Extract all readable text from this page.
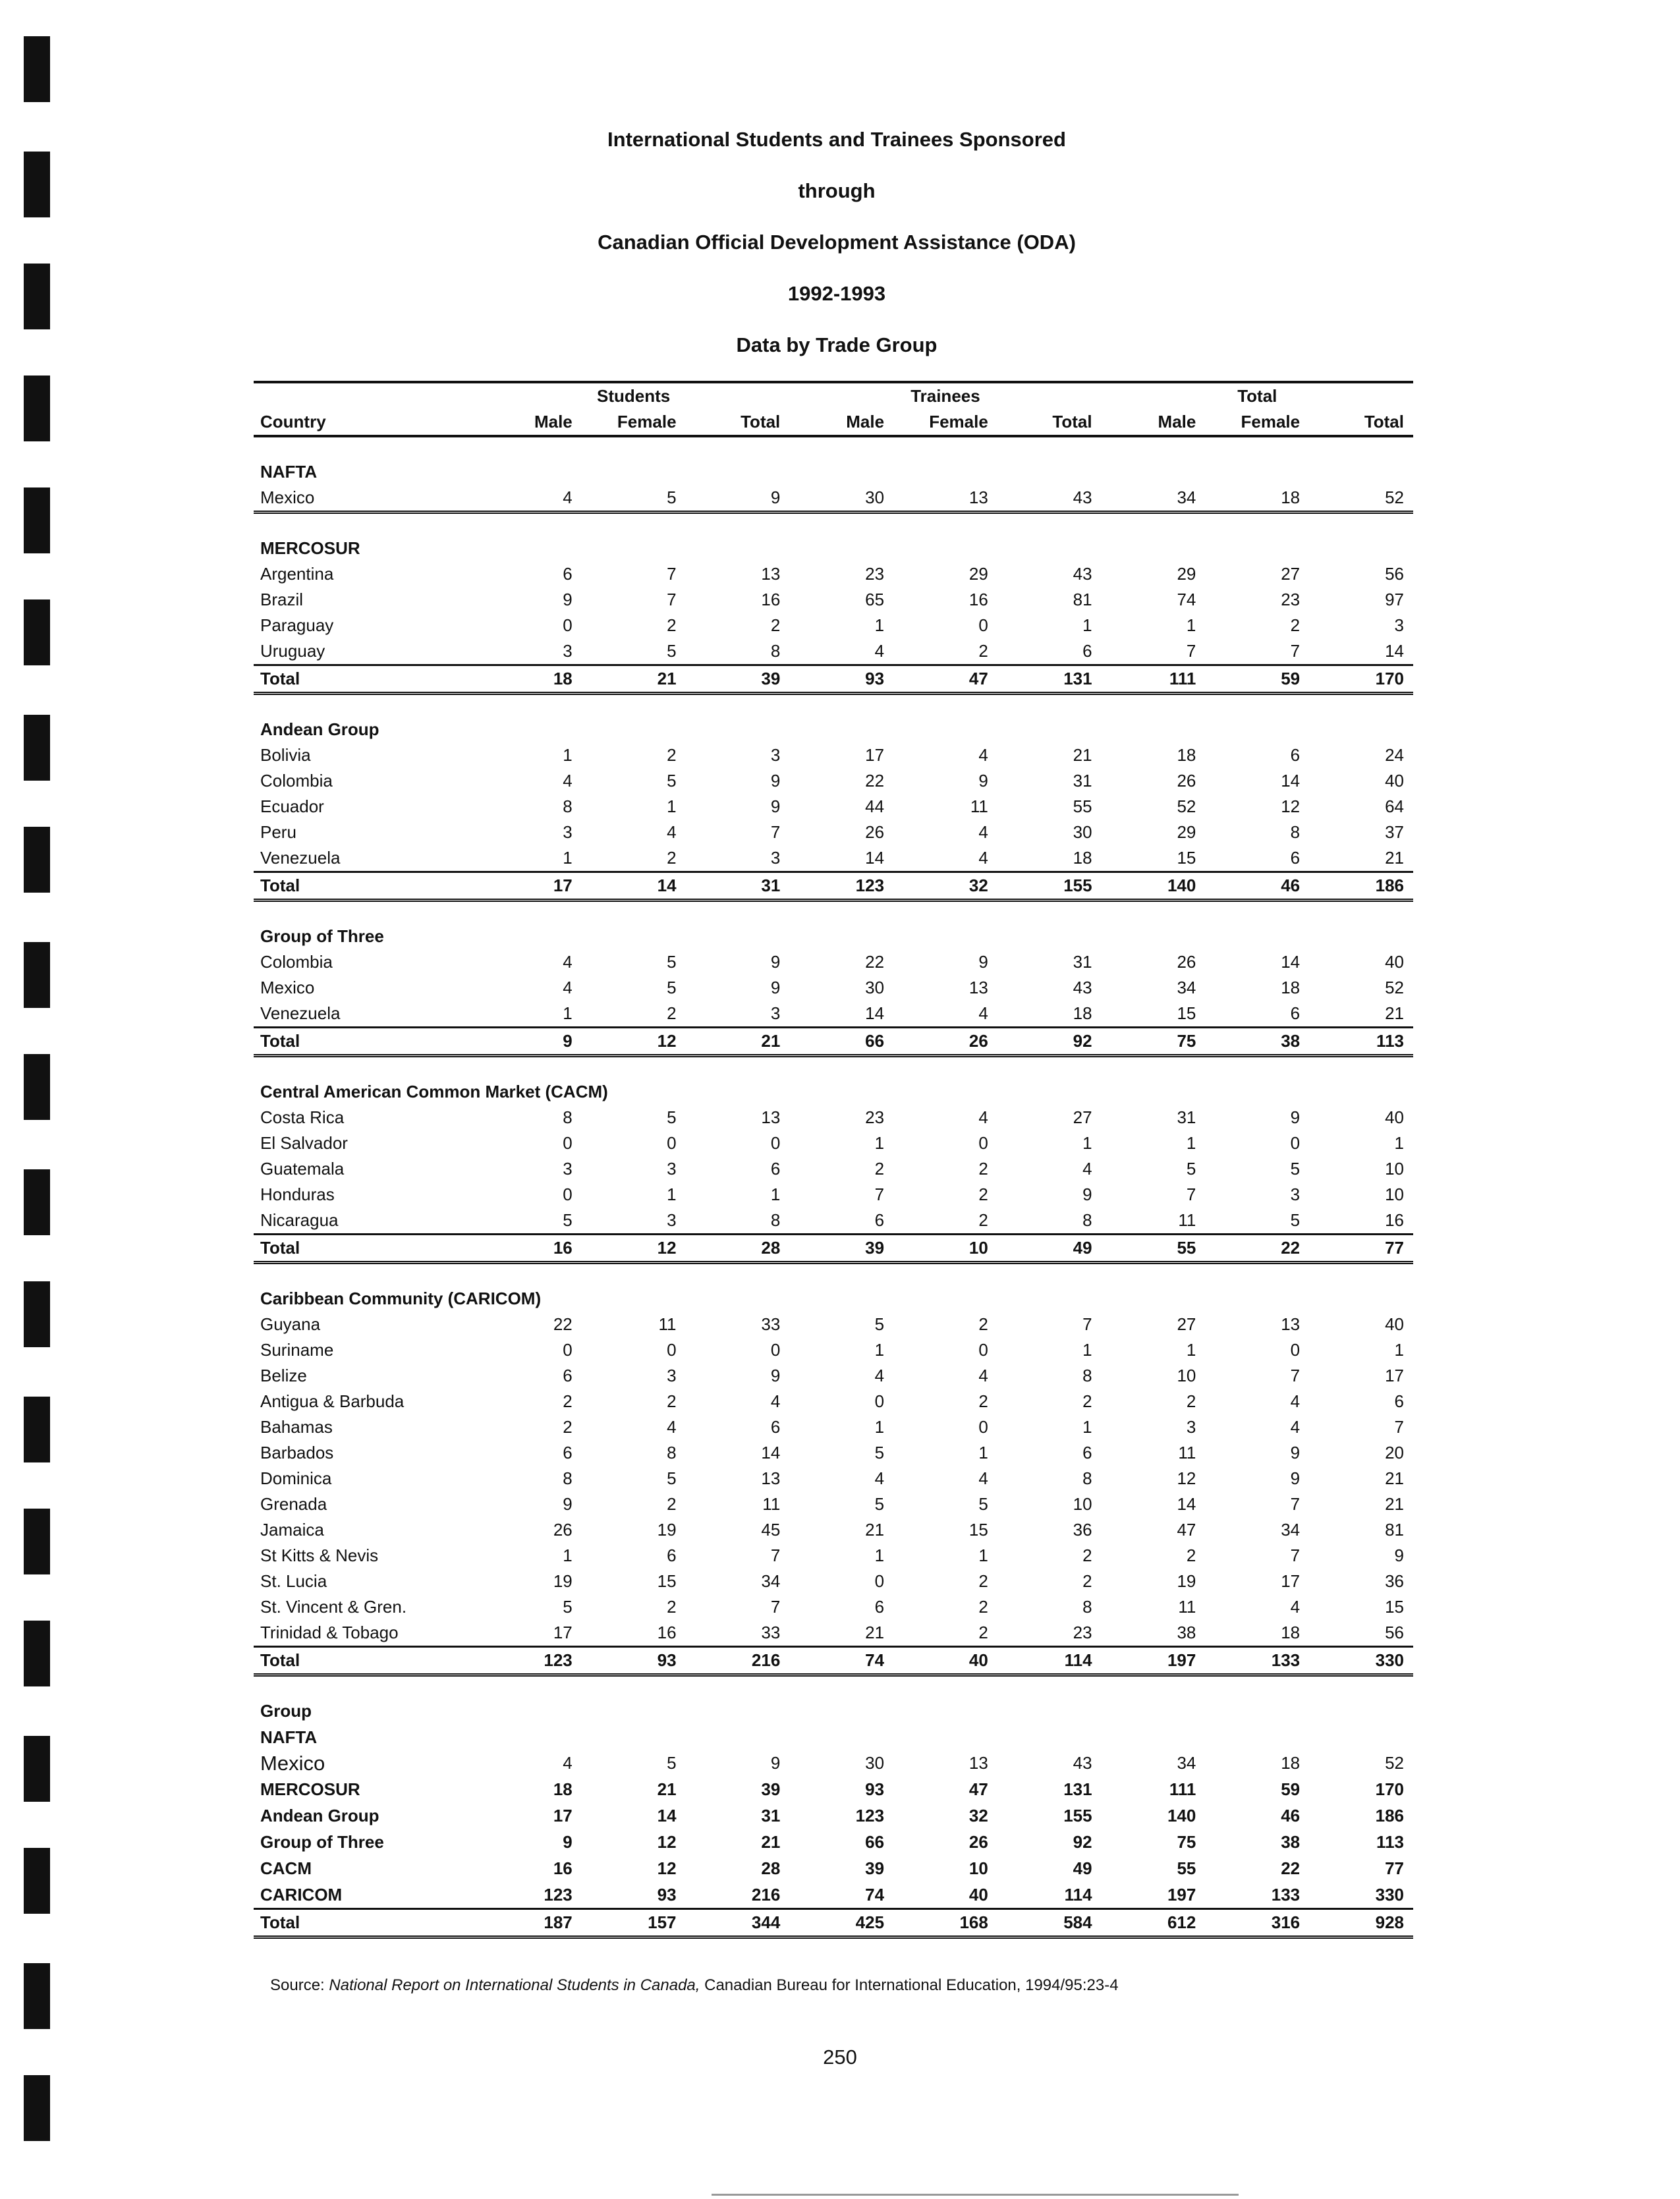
International Students and Trainees Sponsored
through
Canadian Official Development Assistance (ODA)
1992-1993
Data by Trade Group
	Students			Trainees			Total		
Country	Male	Female	Total	Male	Female	Total	Male	Female	Total

NAFTA									
Mexico	4	5	9	30	13	43	34	18	52

MERCOSUR									
Argentina	6	7	13	23	29	43	29	27	56
Brazil	9	7	16	65	16	81	74	23	97
Paraguay	0	2	2	1	0	1	1	2	3
Uruguay	3	5	8	4	2	6	7	7	14
Total	18	21	39	93	47	131	111	59	170

Andean Group									
Bolivia	1	2	3	17	4	21	18	6	24
Colombia	4	5	9	22	9	31	26	14	40
Ecuador	8	1	9	44	11	55	52	12	64
Peru	3	4	7	26	4	30	29	8	37
Venezuela	1	2	3	14	4	18	15	6	21
Total	17	14	31	123	32	155	140	46	186

Group of Three									
Colombia	4	5	9	22	9	31	26	14	40
Mexico	4	5	9	30	13	43	34	18	52
Venezuela	1	2	3	14	4	18	15	6	21
Total	9	12	21	66	26	92	75	38	113

Central American Common Market (CACM)									
Costa Rica	8	5	13	23	4	27	31	9	40
El Salvador	0	0	0	1	0	1	1	0	1
Guatemala	3	3	6	2	2	4	5	5	10
Honduras	0	1	1	7	2	9	7	3	10
Nicaragua	5	3	8	6	2	8	11	5	16
Total	16	12	28	39	10	49	55	22	77

Caribbean Community (CARICOM)									
Guyana	22	11	33	5	2	7	27	13	40
Suriname	0	0	0	1	0	1	1	0	1
Belize	6	3	9	4	4	8	10	7	17
Antigua & Barbuda	2	2	4	0	2	2	2	4	6
Bahamas	2	4	6	1	0	1	3	4	7
Barbados	6	8	14	5	1	6	11	9	20
Dominica	8	5	13	4	4	8	12	9	21
Grenada	9	2	11	5	5	10	14	7	21
Jamaica	26	19	45	21	15	36	47	34	81
St Kitts & Nevis	1	6	7	1	1	2	2	7	9
St. Lucia	19	15	34	0	2	2	19	17	36
St. Vincent & Gren.	5	2	7	6	2	8	11	4	15
Trinidad & Tobago	17	16	33	21	2	23	38	18	56
Total	123	93	216	74	40	114	197	133	330

Group									
NAFTA									
Mexico	4	5	9	30	13	43	34	18	52
MERCOSUR	18	21	39	93	47	131	111	59	170
Andean Group	17	14	31	123	32	155	140	46	186
Group of Three	9	12	21	66	26	92	75	38	113
CACM	16	12	28	39	10	49	55	22	77
CARICOM	123	93	216	74	40	114	197	133	330
Total	187	157	344	425	168	584	612	316	928
Source: National Report on International Students in Canada, Canadian Bureau for International Education, 1994/95:23-4
250
